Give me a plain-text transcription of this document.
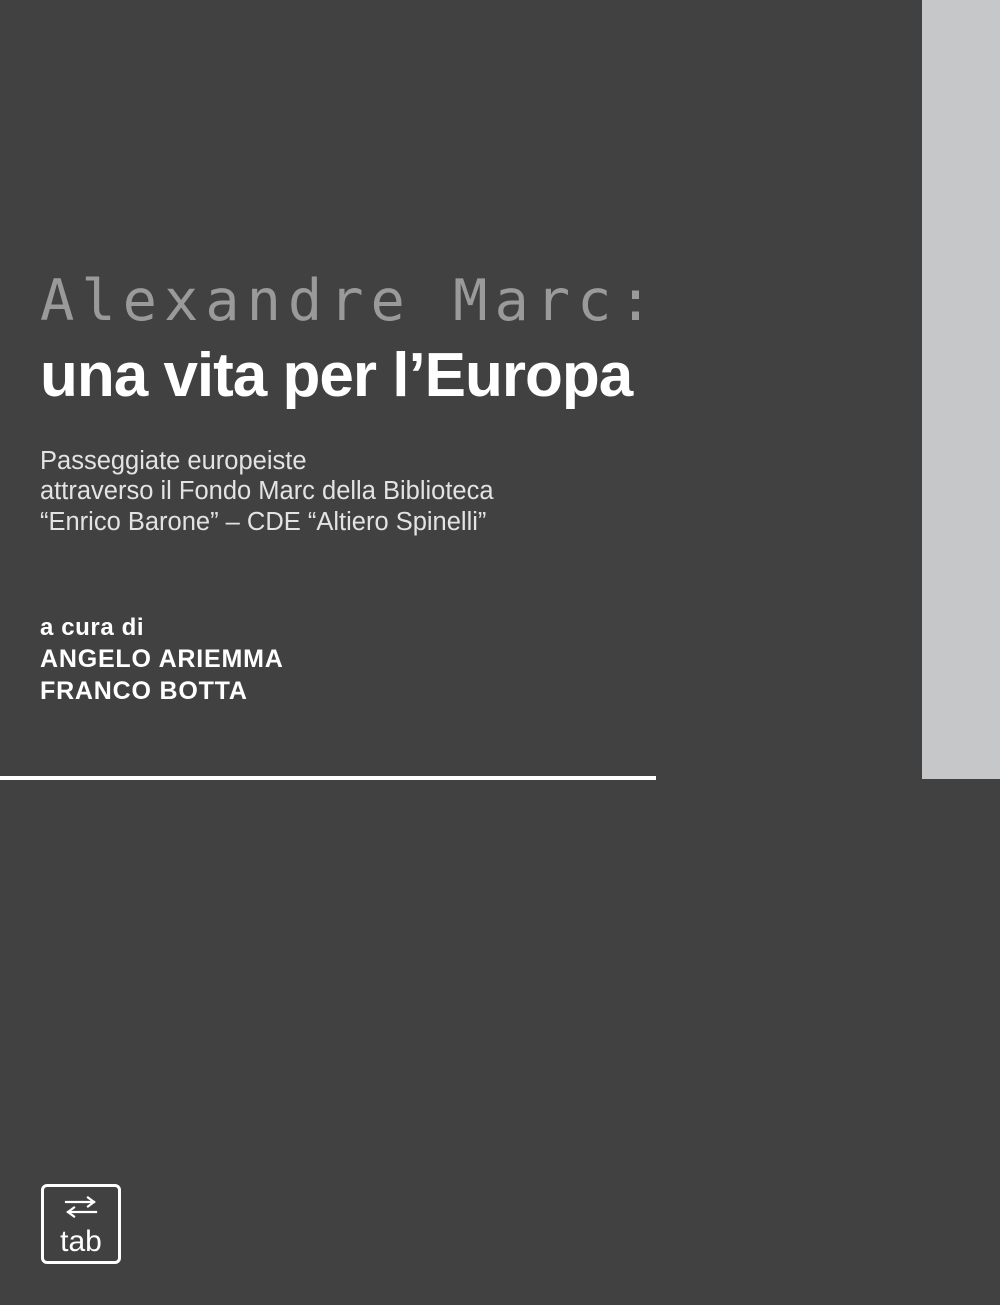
Alexandre Marc:
una vita per l’Europa
Passeggiate europeiste
attraverso il Fondo Marc della Biblioteca
“Enrico Barone” – CDE “Altiero Spinelli”
a cura di
ANGELO ARIEMMA
FRANCO BOTTA
tab
